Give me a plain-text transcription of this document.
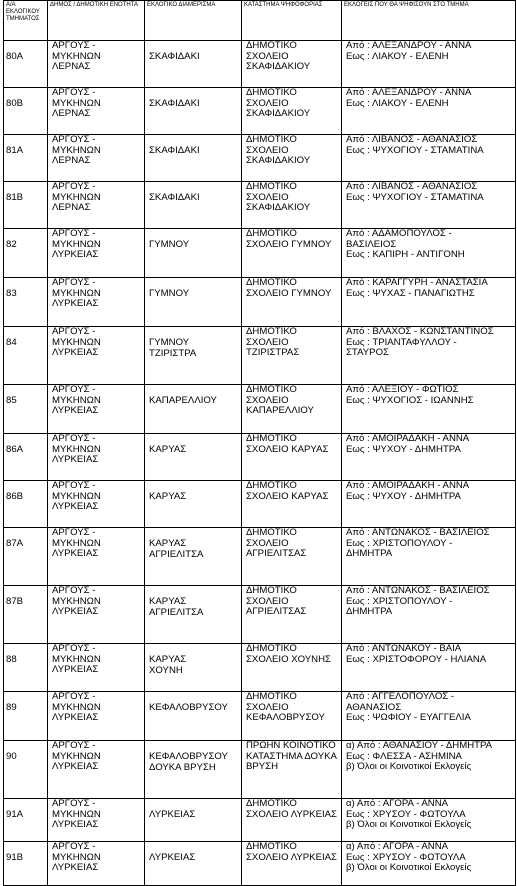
Α/Α
ΕΚΛΟΓΙΚΟΥ
ΤΜΗΜΑΤΟΣ	ΔΗΜΟΣ / ΔΗΜΟΤΙΚΗ ΕΝΟΤΗΤΑ	ΕΚΛΟΓΙΚΟ ΔΙΑΜΕΡΙΣΜΑ	ΚΑΤΑΣΤΗΜΑ ΨΗΦΟΦΟΡΙΑΣ	ΕΚΛΟΓΕΙΣ ΠΟΥ ΘΑ ΨΗΦΙΣΟΥΝ ΣΤΟ ΤΜΗΜΑ

80Α	ΑΡΓΟΥΣ -
ΜΥΚΗΝΩΝ
ΛΕΡΝΑΣ	ΣΚΑΦΙΔΑΚΙ	ΔΗΜΟΤΙΚΟ
ΣΧΟΛΕΙΟ
ΣΚΑΦΙΔΑΚΙΟΥ	Από : ΑΛΕΞΑΝΔΡΟΥ - ΑΝΝΑ
Εως : ΛΙΑΚΟΥ - ΕΛΕΝΗ

80Β	ΑΡΓΟΥΣ -
ΜΥΚΗΝΩΝ
ΛΕΡΝΑΣ	ΣΚΑΦΙΔΑΚΙ	ΔΗΜΟΤΙΚΟ
ΣΧΟΛΕΙΟ
ΣΚΑΦΙΔΑΚΙΟΥ	Από : ΑΛΕΞΑΝΔΡΟΥ - ΑΝΝΑ
Εως : ΛΙΑΚΟΥ - ΕΛΕΝΗ

81Α	ΑΡΓΟΥΣ -
ΜΥΚΗΝΩΝ
ΛΕΡΝΑΣ	ΣΚΑΦΙΔΑΚΙ	ΔΗΜΟΤΙΚΟ
ΣΧΟΛΕΙΟ
ΣΚΑΦΙΔΑΚΙΟΥ	Από : ΛΙΒΑΝΟΣ - ΑΘΑΝΑΣΙΟΣ
Εως : ΨΥΧΟΓΙΟΥ - ΣΤΑΜΑΤΙΝΑ

81Β	ΑΡΓΟΥΣ -
ΜΥΚΗΝΩΝ
ΛΕΡΝΑΣ	ΣΚΑΦΙΔΑΚΙ	ΔΗΜΟΤΙΚΟ
ΣΧΟΛΕΙΟ
ΣΚΑΦΙΔΑΚΙΟΥ	Από : ΛΙΒΑΝΟΣ - ΑΘΑΝΑΣΙΟΣ
Εως : ΨΥΧΟΓΙΟΥ - ΣΤΑΜΑΤΙΝΑ

82	ΑΡΓΟΥΣ -
ΜΥΚΗΝΩΝ
ΛΥΡΚΕΙΑΣ	ΓΥΜΝΟΥ	ΔΗΜΟΤΙΚΟ
ΣΧΟΛΕΙΟ ΓΥΜΝΟΥ	Από : ΑΔΑΜΟΠΟΥΛΟΣ -
ΒΑΣΙΛΕΙΟΣ
Εως : ΚΑΠΙΡΗ - ΑΝΤΙΓΟΝΗ

83	ΑΡΓΟΥΣ -
ΜΥΚΗΝΩΝ
ΛΥΡΚΕΙΑΣ	ΓΥΜΝΟΥ	ΔΗΜΟΤΙΚΟ
ΣΧΟΛΕΙΟ ΓΥΜΝΟΥ	Από : ΚΑΡΑΓΓΥΡΗ - ΑΝΑΣΤΑΣΙΑ
Εως : ΨΥΧΑΣ - ΠΑΝΑΓΙΩΤΗΣ

84	ΑΡΓΟΥΣ -
ΜΥΚΗΝΩΝ
ΛΥΡΚΕΙΑΣ	ΓΥΜΝΟΥ
ΤΖΙΡΙΣΤΡΑ	ΔΗΜΟΤΙΚΟ
ΣΧΟΛΕΙΟ
ΤΖΙΡΙΣΤΡΑΣ	Από : ΒΛΑΧΟΣ - ΚΩΝΣΤΑΝΤΙΝΟΣ
Εως : ΤΡΙΑΝΤΑΦΥΛΛΟΥ -
ΣΤΑΥΡΟΣ

85	ΑΡΓΟΥΣ -
ΜΥΚΗΝΩΝ
ΛΥΡΚΕΙΑΣ	ΚΑΠΑΡΕΛΛΙΟΥ	ΔΗΜΟΤΙΚΟ
ΣΧΟΛΕΙΟ
ΚΑΠΑΡΕΛΛΙΟΥ	Από : ΑΛΕΞΙΟΥ - ΦΩΤΙΟΣ
Εως : ΨΥΧΟΓΙΟΣ - ΙΩΑΝΝΗΣ

86Α	ΑΡΓΟΥΣ -
ΜΥΚΗΝΩΝ
ΛΥΡΚΕΙΑΣ	ΚΑΡΥΑΣ	ΔΗΜΟΤΙΚΟ
ΣΧΟΛΕΙΟ ΚΑΡΥΑΣ	Από : ΑΜΟΙΡΑΔΑΚΗ - ΑΝΝΑ
Εως : ΨΥΧΟΥ - ΔΗΜΗΤΡΑ

86Β	ΑΡΓΟΥΣ -
ΜΥΚΗΝΩΝ
ΛΥΡΚΕΙΑΣ	ΚΑΡΥΑΣ	ΔΗΜΟΤΙΚΟ
ΣΧΟΛΕΙΟ ΚΑΡΥΑΣ	Από : ΑΜΟΙΡΑΔΑΚΗ - ΑΝΝΑ
Εως : ΨΥΧΟΥ - ΔΗΜΗΤΡΑ

87Α	ΑΡΓΟΥΣ -
ΜΥΚΗΝΩΝ
ΛΥΡΚΕΙΑΣ	ΚΑΡΥΑΣ
ΑΓΡΙΕΛΙΤΣΑ	ΔΗΜΟΤΙΚΟ
ΣΧΟΛΕΙΟ
ΑΓΡΙΕΛΙΤΣΑΣ	Από : ΑΝΤΩΝΑΚΟΣ - ΒΑΣΙΛΕΙΟΣ
Εως : ΧΡΙΣΤΟΠΟΥΛΟΥ -
ΔΗΜΗΤΡΑ

87Β	ΑΡΓΟΥΣ -
ΜΥΚΗΝΩΝ
ΛΥΡΚΕΙΑΣ	ΚΑΡΥΑΣ
ΑΓΡΙΕΛΙΤΣΑ	ΔΗΜΟΤΙΚΟ
ΣΧΟΛΕΙΟ
ΑΓΡΙΕΛΙΤΣΑΣ	Από : ΑΝΤΩΝΑΚΟΣ - ΒΑΣΙΛΕΙΟΣ
Εως : ΧΡΙΣΤΟΠΟΥΛΟΥ -
ΔΗΜΗΤΡΑ

88	ΑΡΓΟΥΣ -
ΜΥΚΗΝΩΝ
ΛΥΡΚΕΙΑΣ	ΚΑΡΥΑΣ
ΧΟΥΝΗ	ΔΗΜΟΤΙΚΟ
ΣΧΟΛΕΙΟ ΧΟΥΝΗΣ	Από : ΑΝΤΩΝΑΚΟΥ - ΒΑΙΑ
Εως : ΧΡΙΣΤΟΦΟΡΟΥ - ΗΛΙΑΝΑ

89	ΑΡΓΟΥΣ -
ΜΥΚΗΝΩΝ
ΛΥΡΚΕΙΑΣ	ΚΕΦΑΛΟΒΡΥΣΟΥ	ΔΗΜΟΤΙΚΟ
ΣΧΟΛΕΙΟ
ΚΕΦΑΛΟΒΡΥΣΟΥ	Από : ΑΓΓΕΛΟΠΟΥΛΟΣ -
ΑΘΑΝΑΣΙΟΣ
Εως : ΨΩΦΙΟΥ - ΕΥΑΓΓΕΛΙΑ

90	ΑΡΓΟΥΣ -
ΜΥΚΗΝΩΝ
ΛΥΡΚΕΙΑΣ	ΚΕΦΑΛΟΒΡΥΣΟΥ
ΔΟΥΚΑ ΒΡΥΣΗ	ΠΡΩΗΝ ΚΟΙΝΟΤΙΚΟ
ΚΑΤΑΣΤΗΜΑ ΔΟΥΚΑ
ΒΡΥΣΗ	α) Από : ΑΘΑΝΑΣΙΟΥ - ΔΗΜΗΤΡΑ
Εως : ΦΛΕΣΣΑ - ΑΣΗΜΙΝΑ
β) Όλοι οι Κοινοτικοί Εκλογείς

91Α	ΑΡΓΟΥΣ -
ΜΥΚΗΝΩΝ
ΛΥΡΚΕΙΑΣ	ΛΥΡΚΕΙΑΣ	ΔΗΜΟΤΙΚΟ
ΣΧΟΛΕΙΟ ΛΥΡΚΕΙΑΣ	α) Από : ΑΓΟΡΑ - ΑΝΝΑ
Εως : ΧΡΥΣΟΥ - ΦΩΤΟΥΛΑ
β) Όλοι οι Κοινοτικοί Εκλογείς

91Β	ΑΡΓΟΥΣ -
ΜΥΚΗΝΩΝ
ΛΥΡΚΕΙΑΣ	ΛΥΡΚΕΙΑΣ	ΔΗΜΟΤΙΚΟ
ΣΧΟΛΕΙΟ ΛΥΡΚΕΙΑΣ	α) Από : ΑΓΟΡΑ - ΑΝΝΑ
Εως : ΧΡΥΣΟΥ - ΦΩΤΟΥΛΑ
β) Όλοι οι Κοινοτικοί Εκλογείς
